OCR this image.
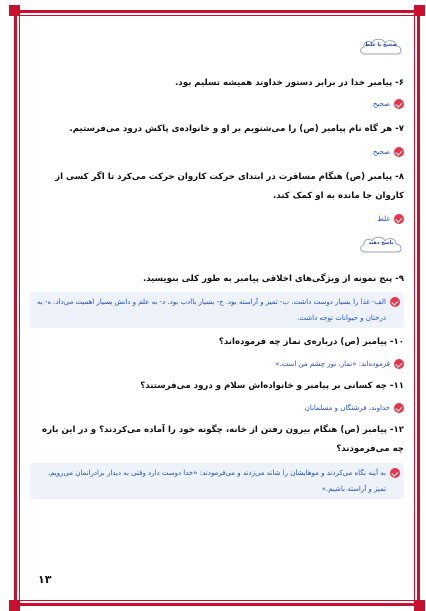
صحیح یا غلط

۶- پیامبر خدا در برابر دستور خداوند همیشه تسلیم بود.

صحیح

۷- هر گاه نام پیامبر (ص) را می‌شنویم بر او و خانواده‌ی پاکش درود می‌فرستیم.

صحیح

۸- پیامبر (ص) هنگام مسافرت در ابتدای حرکت کاروان حرکت می‌کرد تا اگر کسی از کاروان جا مانده به او کمک کند.

غلط
پاسخ دهید

۹- پنج نمونه از ویژگی‌های اخلاقی پیامبر به طور کلی بنویسید.

الف- غذا را بسیار دوست داشت. ب- تمیز و آراسته بود. ج- بسیار باادب بود. د- به علم و دانش بسیار اهمیت می‌داد. ه- به درختان و حیوانات توجه داشت.

۱۰- پیامبر (ص) درباره‌ی نماز چه فرموده‌اند؟

فرموده‌اند: «نماز، نور چشم من است.»

۱۱- چه کسانی بر پیامبر و خانواده‌اش سلام و درود می‌فرستند؟

خداوند، فرشتگان و مسلمانان

۱۲- پیامبر (ص) هنگام بیرون رفتن از خانه، چگونه خود را آماده می‌کردند؟ و در این باره چه می‌فرمودند؟

به آینه نگاه می‌کردند و موهایشان را شانه می‌زدند و می‌فرمودند: «خدا دوست دارد وقتی به دیدار برادرانمان می‌رویم، تمیز و آراسته باشیم.»
۱۳
